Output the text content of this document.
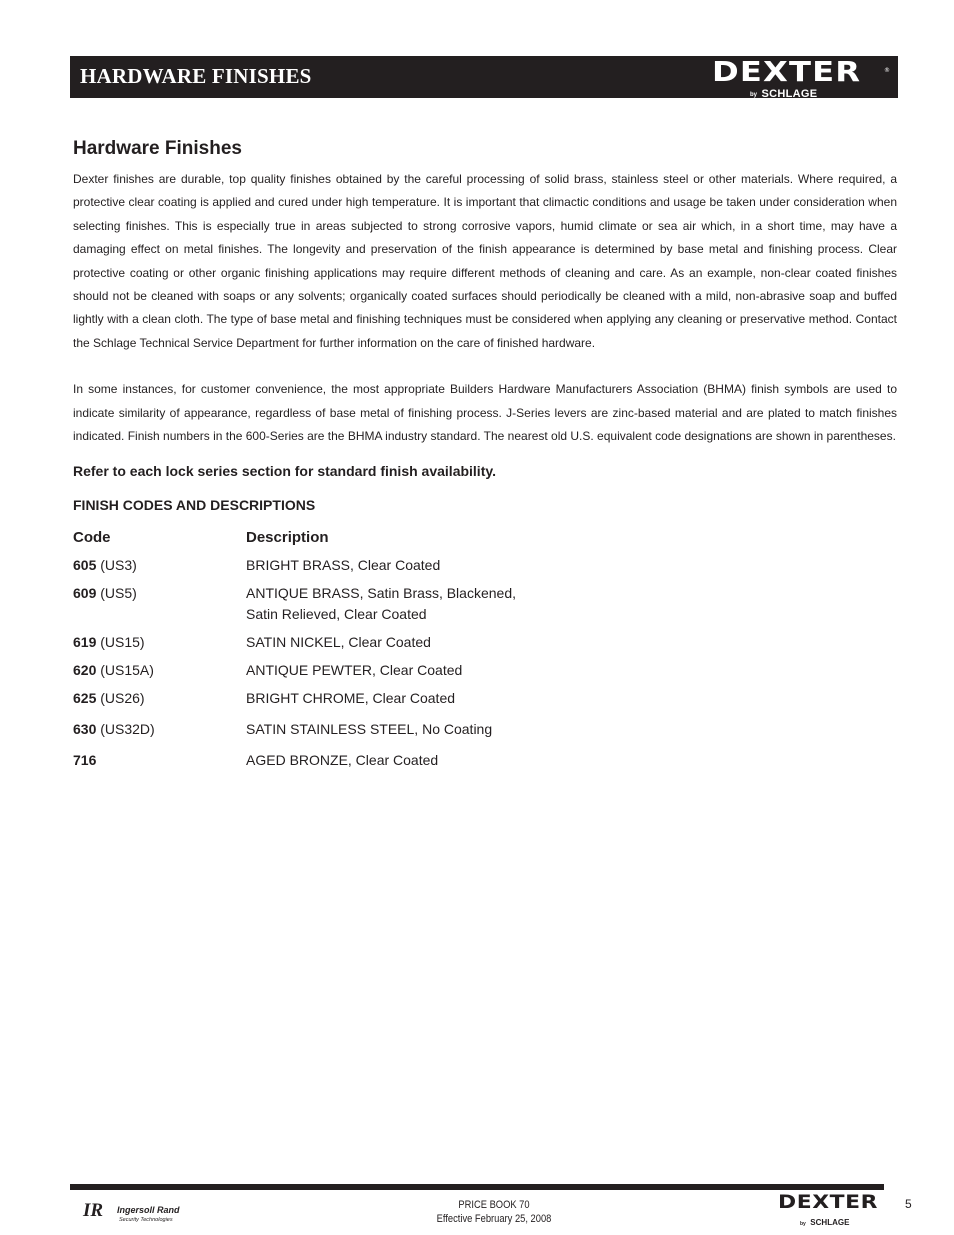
HARDWARE FINISHES	DEXTER	®
by SCHLAGE
Hardware Finishes

Dexter finishes are durable, top quality finishes obtained by the careful processing of solid brass, stainless steel or other materials. Where required, a protective clear coating is applied and cured under high temperature. It is important that climactic conditions and usage be taken under consideration when selecting finishes. This is especially true in areas subjected to strong corrosive vapors, humid climate or sea air which, in a short time, may have a damaging effect on metal finishes. The longevity and preservation of the finish appearance is determined by base metal and finishing process. Clear protective coating or other organic finishing applications may require different methods of cleaning and care. As an example, non-clear coated finishes should not be cleaned with soaps or any solvents; organically coated surfaces should periodically be cleaned with a mild, non-abrasive soap and buffed lightly with a clean cloth. The type of base metal and finishing techniques must be considered when applying any cleaning or preservative method. Contact the Schlage Technical Service Department for further information on the care of finished hardware.

In some instances, for customer convenience, the most appropriate Builders Hardware Manufacturers Association (BHMA) finish symbols are used to indicate similarity of appearance, regardless of base metal of finishing process. J-Series levers are zinc-based material and are plated to match finishes indicated. Finish numbers in the 600-Series are the BHMA industry standard. The nearest old U.S. equivalent code designations are shown in parentheses.

Refer to each lock series section for standard finish availability.
FINISH CODES AND DESCRIPTIONS
Code	Description
605 (US3)	BRIGHT BRASS, Clear Coated
609 (US5)	ANTIQUE BRASS, Satin Brass, Blackened,
Satin Relieved, Clear Coated
619 (US15)	SATIN NICKEL, Clear Coated
620 (US15A)	ANTIQUE PEWTER, Clear Coated
625 (US26)	BRIGHT CHROME, Clear Coated
630 (US32D)	SATIN STAINLESS STEEL, No Coating
716	AGED BRONZE, Clear Coated
IR Ingersoll Rand
Security Technologies
PRICE BOOK 70
Effective February 25, 2008
DEXTER
by SCHLAGE
5
